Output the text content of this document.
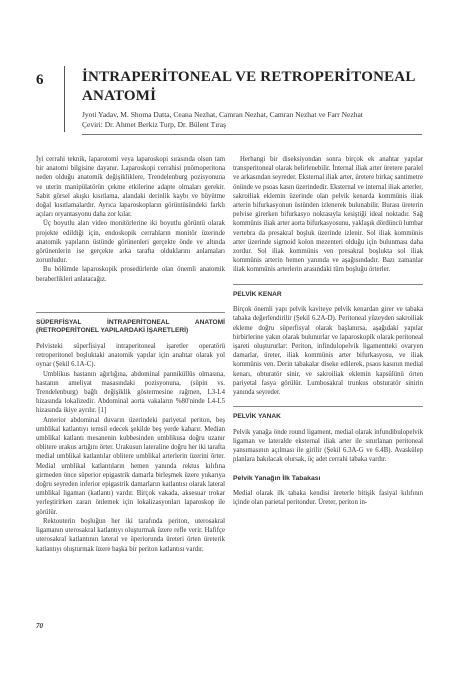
6	İNTRAPERİTONEAL VE RETROPERİTONEAL
ANATOMİ
Jyoti Yadav, M. Shoma Datta, Ceana Nezhat, Camran Nezhat, Camran Nezhat ve Farr Nezhat
Çeviri: Dr. Ahmet Berkiz Turp, Dr. Bülent Tıraş

İyi cerrahi teknik, laparotomi veya laparoskopi sırasında olsun tam bir anatomi bilgisine dayanır. Laparoskopi cerrahisi pnömoperitona neden olduğu anatomik değişikliklere, Trendelenburg pozisyonuna ve uterin manipülatörün çekme etkilerine adapte olmaları gerekir. Sabit görsel akışkı kısıtlama, alandaki derinlik kaybı ve büyütme doğal kısıtlamalardır. Ayrıca laparoskopların görüntüsündeki farklı açıları oryantasyonu daha zor kılar.

Üç boyutlu alan video monitörlerine iki boyutlu görüntü olarak projekte edildiği için, endoskopik cerrahların monitör üzerinde anatomik yapıların üstünde görünenleri gerçekte önde ve altında görünenlerin ise gerçekte arka tarafta olduklarını anlamaları zorunludur.

Bu bölümde laparoskopik prosedürlerde olan önemli anatomik beraberlikleri anlatacağız.

SÜPERFİSYAL İNTRAPERİTONEAL ANATOMİ (RETROPERİTONEL YAPILARDAKİ İŞARETLERİ)

Pelvisteki süperfisiyal intraperitoneal işaretler operatörü retroperitonel boşluktaki anatomik yapılar için anahtar olarak yol oynar (Şekil 6.1A-C).

Umblikus hastanın ağırlığına, abdominal panniküllüs olmasına, hastanın ameliyat masasındaki pozisyonuna, (süpin vs. Trendelenburg) bağlı değişiklik göstermesine rağmen, L3-L4 hizasında lokalizedir. Abdominal aorta vakaların %80'ninde L4-L5 hizasında ikiye ayrılır. [1]

Anterior abdominal duvarın üzerindeki pariyetal periton, beş umblikal katlantıyı temsil edecek şekilde beş yerde kabarır. Median umblikal katlantı mesanenin kubbesinden umblikusa doğru uzanır obliterе urakus artığını örter. Urakusun lateraline doğru her iki tarafta medial umblikal katlantılar obliterе umblikal arterlerin üzerini örter. Medial umblikal katlantıların hemen yanında rektus kılıfına girmeden önce süperior epigastrik damarla birleşmek üzere yukarıya doğru seyreden inferior epigastrik damarların katlantısı olarak lateral umblikal ligaman (katlantı) vardır. Birçok vakada, aksesuar trokar yerleştirirken zararı önlemek için lokalizasyonları laparoskop ile görülür.

Rektouterin boşluğun her iki tarafında periton, uterosakral ligamanın uterosakral katlantıyı oluşturmak üzere refle verir. Hafifçe uterosakral katlantının lateral ve üperiorunda üreteri örten üreterik katlantıyı oluşturmak üzere başka bir periton katlantısı vardır.

Herhangi bir diseksiyondan sonra birçok ek anahtar yapılar transperitoneal olarak belirlenebilir. İnternal iliak arter üretere paralel ve arkasından seyreder. Eksternal iliak arter, üretere birkaç santimetre önünde ve psoas kasın üzerindedir. Eksternal ve internal iliak arterler, sakroiliak eklemin üzerinde olan pelvik kenarda kommünis iliak arterin bifurkasyonun üstünden izlenerek bulunabilir. Burası üreterin pelvise girerken bifurkasyo noktasıyla kesiştiği ideal noktadır. Sağ kommünis iliak arter aorta bifurkasyosunu, yaklaşık dördüncü lumbar vertebra da presakral boşluk üzerinde izlenir. Sol iliak kommünis arter üzerinde sigmoid kolon mezenteri olduğu için bulunması daha zordur. Sol iliak kommünis ven presakral boşlukta sol iliak kommünis arterin hemen yanında ve aşağısındadır. Bazı zamanlar iliak kommünis arterlerin arasındaki tüm boşluğu örterler.

PELVİK KENAR

Birçok önemli yapı pelvik kaviteye pelvik kenardan girer ve tabaka tabaka değerlendirilir (Şekil 6.2A-D). Peritoneal yüzeyden sakroiliak ekleme doğru süperfisyal olarak başlanırsa, aşağıdaki yapılar birbirlerine yakın olarak bulunurlar ve laparoskopik olarak peritoneal işareti oluştururlar: Periton, infindulopelvik ligamentteki ovaryen damarlar, üreter, iliak kommünis arter bifurkasyosu, ve iliak kommünis ven. Derin tabakalar diseke edilerek, psaos kasının medial kenarı, obturatör sinir, ve sakroiliak eklemin kapsülünü örten pariyetal fasya görülür. Lumbosakral trunkus obsturatör sinirin yanında seyreder.

PELVİK YANAK

Pelvik yanağa önde round ligament, medial olarak infundibulopelvik ligaman ve lateralde eksternal iliak arter ile sınırlanan peritoneal yansımasının açılması ile girilir (Şekil 6.3A-G ve 6.4B). Avaskülер planlara bakılacak olursak, üç adet cerrahi tabaka vardır.

Pelvik Yanağın İlk Tabakası

Medial olarak ilk tabaka kendisi üreterle bitişik fasiyal kılıfının içinde olan parietal peritondur. Üreter, periton in-

70
